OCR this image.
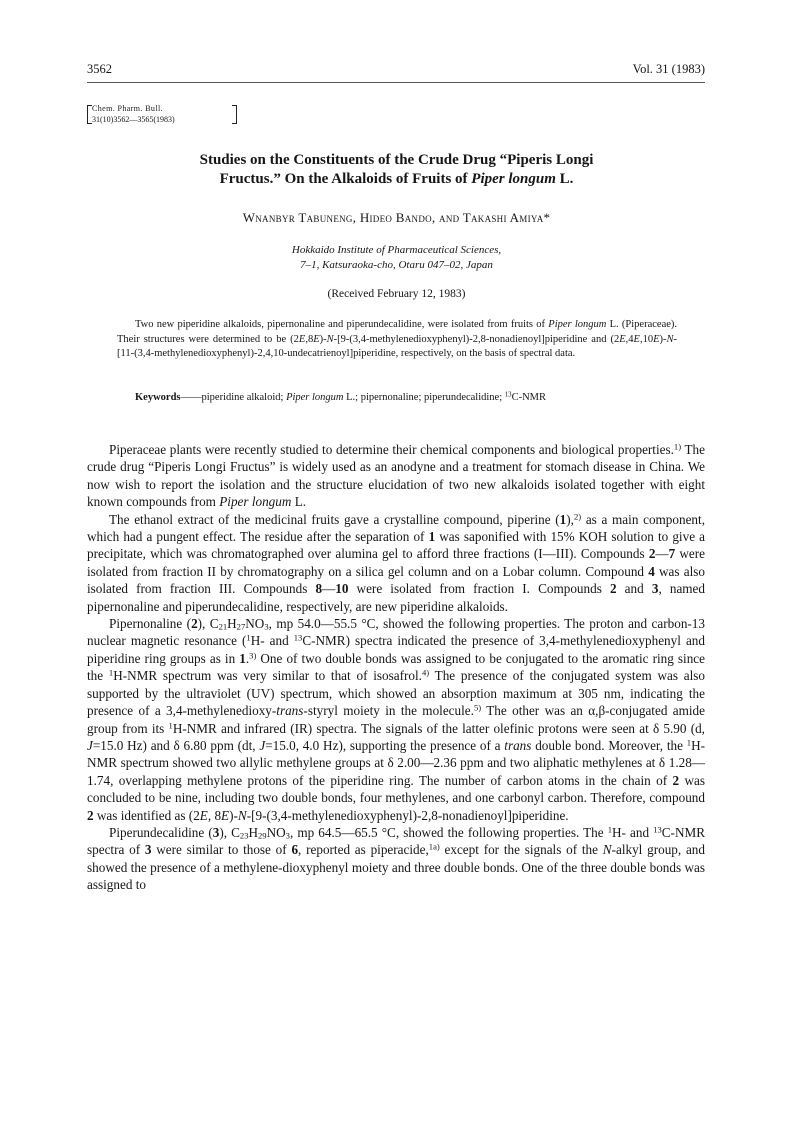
3562	Vol. 31 (1983)
Chem. Pharm. Bull.
31(10)3562—3565(1983)
Studies on the Constituents of the Crude Drug “Piperis Longi
Fructus.” On the Alkaloids of Fruits of Piper longum L.
Wnanbyr Tabuneng, Hideo Bando, and Takashi Amiya*
Hokkaido Institute of Pharmaceutical Sciences,
7–1, Katsuraoka-cho, Otaru 047–02, Japan
(Received February 12, 1983)

Two new piperidine alkaloids, pipernonaline and piperundecalidine, were isolated from fruits of Piper longum L. (Piperaceae). Their structures were determined to be (2E,8E)-N-[9-(3,4-methylenedioxyphenyl)-2,8-nonadienoyl]piperidine and (2E,4E,10E)-N-[11-(3,4-methylenedioxyphenyl)-2,4,10-undecatrienoyl]piperidine, respectively, on the basis of spectral data.

Keywords——piperidine alkaloid; Piper longum L.; pipernonaline; piperundecalidine; $^{13}$C-NMR

Piperaceae plants were recently studied to determine their chemical components and biological properties.$^{1)}$ The crude drug “Piperis Longi Fructus” is widely used as an anodyne and a treatment for stomach disease in China. We now wish to report the isolation and the structure elucidation of two new alkaloids isolated together with eight known compounds from Piper longum L.

The ethanol extract of the medicinal fruits gave a crystalline compound, piperine (1),$^{2)}$ as a main component, which had a pungent effect. The residue after the separation of 1 was saponified with 15% KOH solution to give a precipitate, which was chromatographed over alumina gel to afford three fractions (I—III). Compounds 2—7 were isolated from fraction II by chromatography on a silica gel column and on a Lobar column. Compound 4 was also isolated from fraction III. Compounds 8—10 were isolated from fraction I. Compounds 2 and 3, named pipernonaline and piperundecalidine, respectively, are new piperidine alkaloids.

Pipernonaline (2), $C_{21}H_{27}NO_3$, mp 54.0—55.5 °C, showed the following properties. The proton and carbon-13 nuclear magnetic resonance ($^1$H- and $^{13}$C-NMR) spectra indicated the presence of 3,4-methylenedioxyphenyl and piperidine ring groups as in 1.$^{3)}$ One of two double bonds was assigned to be conjugated to the aromatic ring since the $^1$H-NMR spectrum was very similar to that of isosafrol.$^{4)}$ The presence of the conjugated system was also supported by the ultraviolet (UV) spectrum, which showed an absorption maximum at 305 nm, indicating the presence of a 3,4-methylenedioxy-trans-styryl moiety in the molecule.$^{5)}$ The other was an α,β-conjugated amide group from its $^1$H-NMR and infrared (IR) spectra. The signals of the latter olefinic protons were seen at δ 5.90 (d, J=15.0 Hz) and δ 6.80 ppm (dt, J=15.0, 4.0 Hz), supporting the presence of a trans double bond. Moreover, the $^1$H-NMR spectrum showed two allylic methylene groups at δ 2.00—2.36 ppm and two aliphatic methylenes at δ 1.28—1.74, overlapping methylene protons of the piperidine ring. The number of carbon atoms in the chain of 2 was concluded to be nine, including two double bonds, four methylenes, and one carbonyl carbon. Therefore, compound 2 was identified as (2E, 8E)-N-[9-(3,4-methylenedioxyphenyl)-2,8-nonadienoyl]piperidine.

Piperundecalidine (3), $C_{23}H_{29}NO_3$, mp 64.5—65.5 °C, showed the following properties. The $^1$H- and $^{13}$C-NMR spectra of 3 were similar to those of 6, reported as piperacide,$^{1a)}$ except for the signals of the N-alkyl group, and showed the presence of a methylene-dioxyphenyl moiety and three double bonds. One of the three double bonds was assigned to
